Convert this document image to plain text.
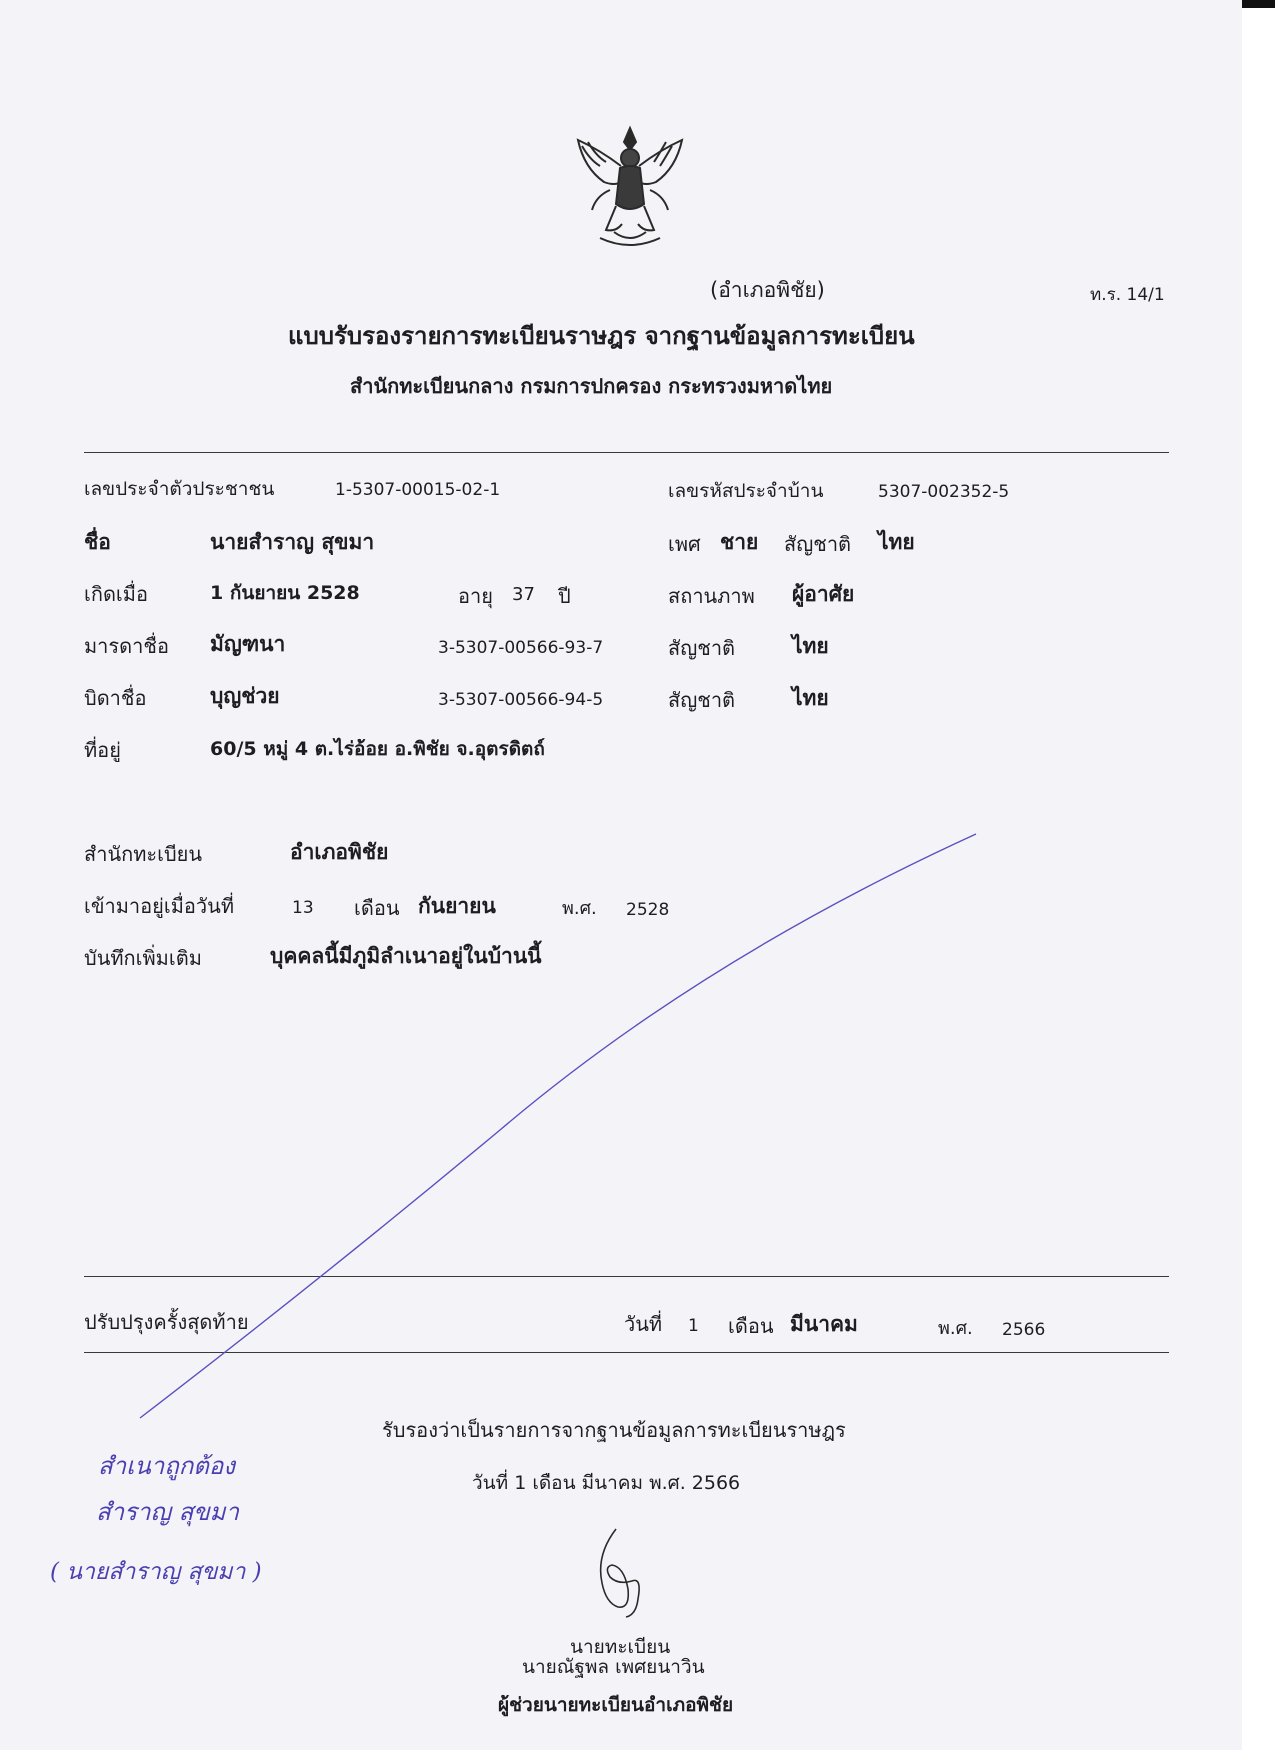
(อำเภอพิชัย)	ท.ร. 14/1
แบบรับรองรายการทะเบียนราษฎร จากฐานข้อมูลการทะเบียน
สำนักทะเบียนกลาง กรมการปกครอง กระทรวงมหาดไทย
เลขประจำตัวประชาชน	1-5307-00015-02-1	เลขรหัสประจำบ้าน	5307-002352-5
ชื่อ	นายสำราญ สุขมา	เพศ ชาย สัญชาติ ไทย
เกิดเมื่อ	1 กันยายน 2528	อายุ 37 ปี	สถานภาพ ผู้อาศัย
มารดาชื่อ มัญฑนา	3-5307-00566-93-7	สัญชาติ	ไทย
บิดาชื่อ	บุญช่วย	3-5307-00566-94-5	สัญชาติ	ไทย
ที่อยู่	60/5 หมู่ 4 ต.ไร่อ้อย อ.พิชัย จ.อุตรดิตถ์
สำนักทะเบียน	อำเภอพิชัย
เข้ามาอยู่เมื่อวันที่	13 เดือน กันยายน	พ.ศ. 2528
บันทึกเพิ่มเติม	บุคคลนี้มีภูมิลำเนาอยู่ในบ้านนี้
ปรับปรุงครั้งสุดท้าย	วันที่ 1 เดือน มีนาคม	พ.ศ. 2566
รับรองว่าเป็นรายการจากฐานข้อมูลการทะเบียนราษฎร
วันที่ 1 เดือน มีนาคม พ.ศ. 2566
นายทะเบียน
นายณัฐพล เพศยนาวิน
ผู้ช่วยนายทะเบียนอำเภอพิชัย
สำเนาถูกต้อง
สำราญ สุขมา
( นายสำราญ สุขมา )
